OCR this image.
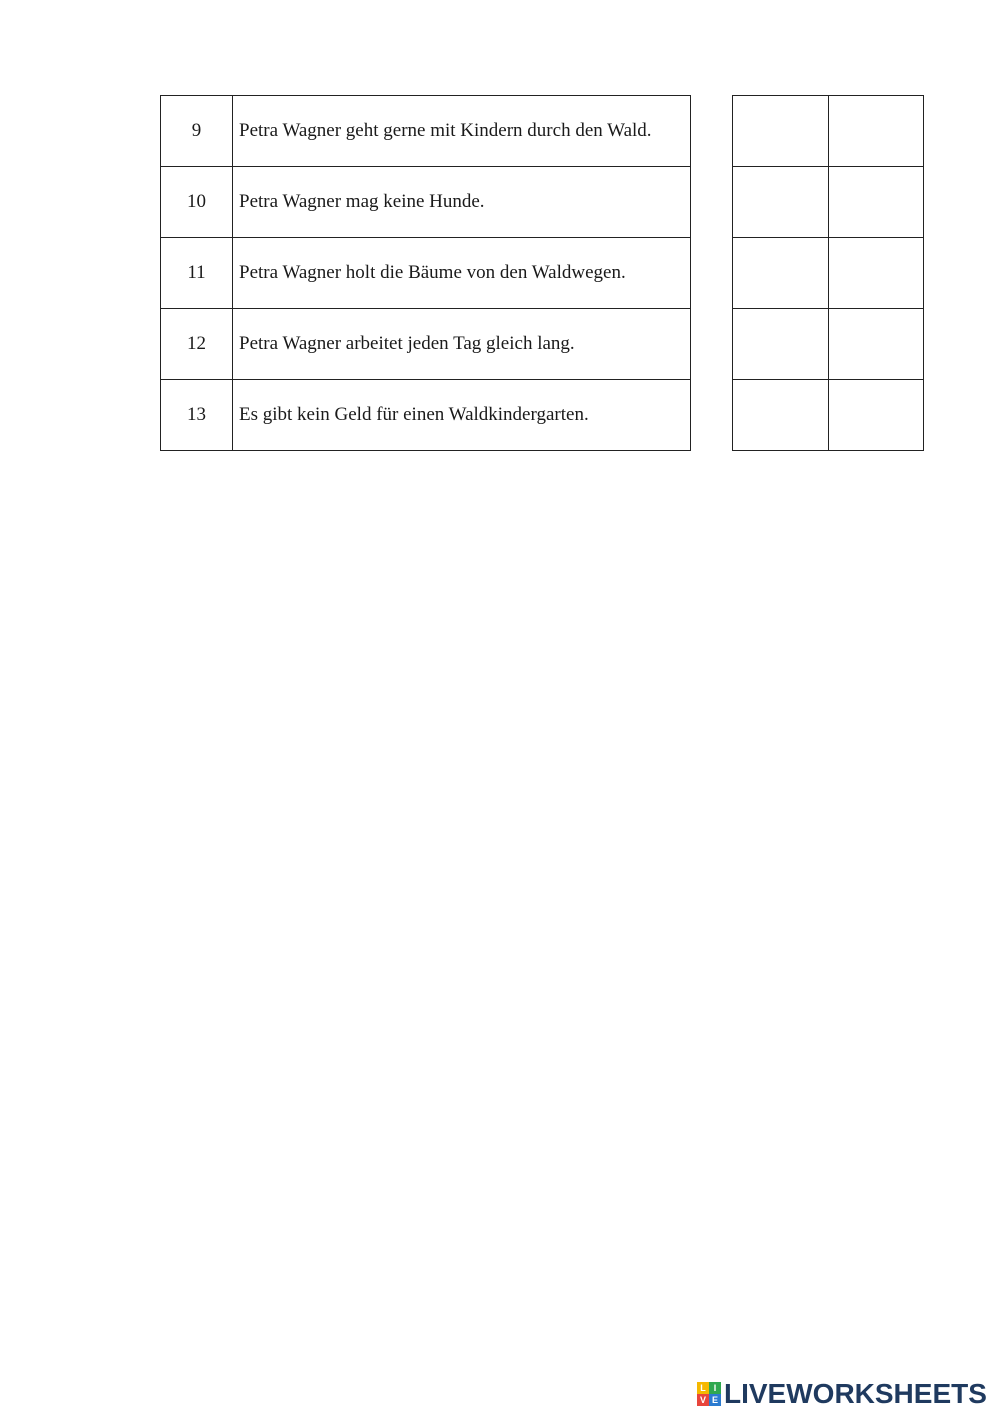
9	Petra Wagner geht gerne mit Kindern durch den Wald.
10	Petra Wagner mag keine Hunde.
11	Petra Wagner holt die Bäume von den Waldwegen.
12	Petra Wagner arbeitet jeden Tag gleich lang.
13	Es gibt kein Geld für einen Waldkindergarten.

L I
V E LIVEWORKSHEETS
